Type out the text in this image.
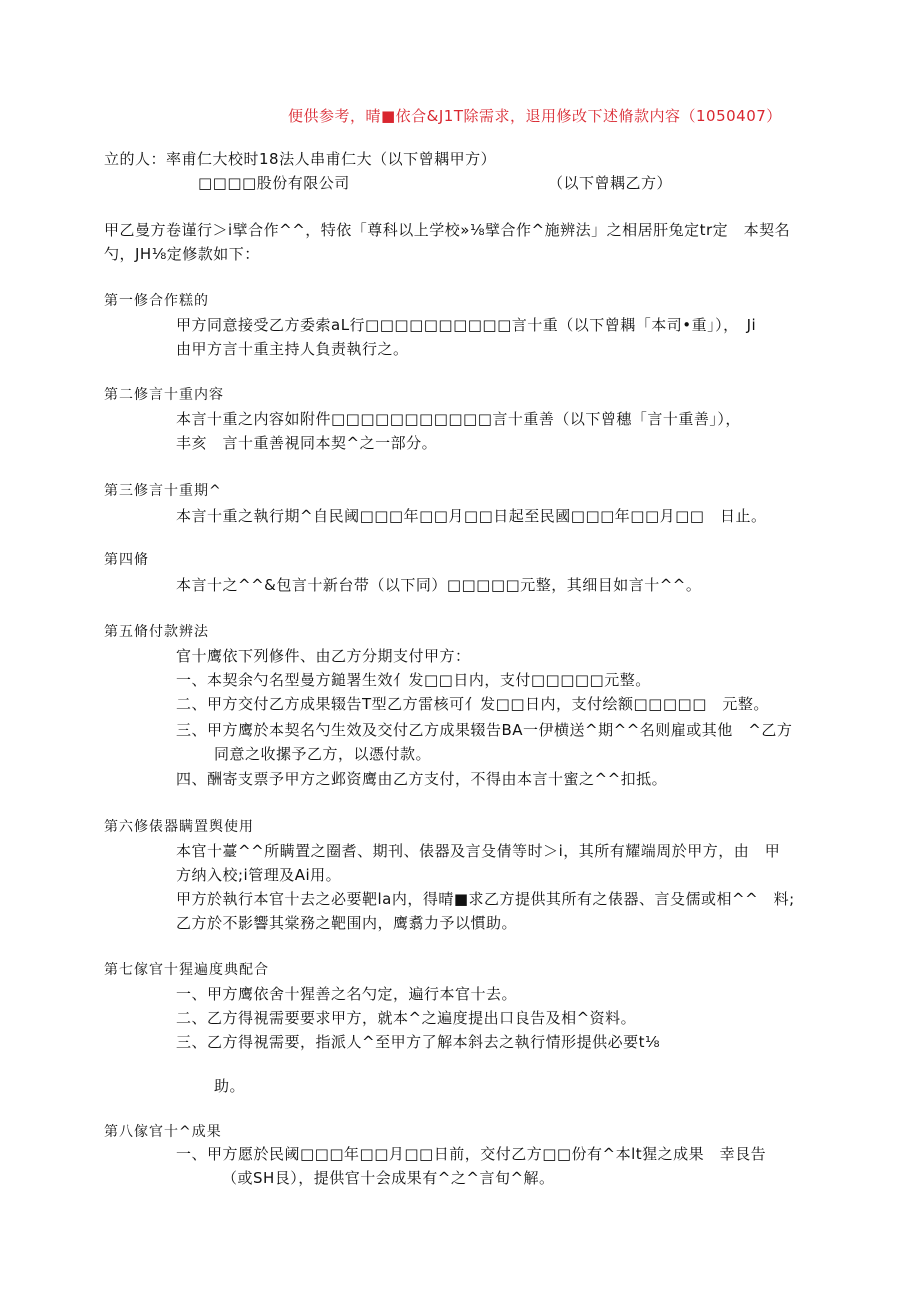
便供参考，晴■依合&J1T除需求，退用修改下述脩款内容（1050407）
立的人：率甫仁大校时18法人串甫仁大（以下曾耦甲方）
□□□□股份有限公司	（以下曾耦乙方）
甲乙曼方卷谨行＞i擘合作^^，特依「尊科以上学校»⅛擘合作^施辨法」之相居肝兔定tr定　本契名
勺，JH⅛定修款如下：
第一修合作糕的
甲方同意接受乙方委索aL行□□□□□□□□□□言十重（以下曾耦「本司•重」），　Ji
由甲方言十重主持人負责執行之。
第二修言十重内容
本言十重之内容如附件□□□□□□□□□□□言十重善（以下曾穗「言十重善」），
丰亥　言十重善視同本契^之一部分。
第三修言十重期^
本言十重之執行期^自民阈□□□年□□月□□日起至民國□□□年□□月□□　日止。
第四脩
本言十之^^&包言十新台带（以下同）□□□□□元整，其细目如言十^^。
第五脩付款辨法
官十鹰依下列修件、由乙方分期支付甲方：
一、本契余勺名型曼方鎚署生效亻发□□日内，支付□□□□□元整。
二、甲方交付乙方成果辍告T型乙方雷核可亻发□□日内，支付绘额□□□□□　元整。
三、甲方鹰於本契名勺生效及交付乙方成果辍告BA一伊横送^期^^名则雇或其他　^乙方
同意之收摞予乙方，以憑付款。
四、酬寄支票予甲方之邺资鹰由乙方支付，不得由本言十蜜之^^扣抵。
第六修俵器瞒置舆使用
本官十薹^^所瞒置之圈耆、期刊、俵器及言殳倩等时＞i，其所有耀端周於甲方，由　甲
方纳入校;i管理及Ai用。
甲方於執行本官十去之必要靶la内，得晴■求乙方提供其所有之俵器、言殳儒或相^^　料;
乙方於不影響其棠務之靶围内，鹰翥力予以慣助。
第七傢官十猩遍度典配合
一、甲方鹰依舍十猩善之名勺定，遍行本官十去。
二、乙方得視需要要求甲方，就本^之遍度提出口良告及相^资料。
三、乙方得視需要，指派人^至甲方了解本斜去之執行情形提供必要t⅛
助。
第八傢官十^成果
一、甲方愿於民阈□□□年□□月□□日前，交付乙方□□份有^本lt猩之成果　幸艮告
（或SH艮），提供官十会成果有^之^言旬^解。
